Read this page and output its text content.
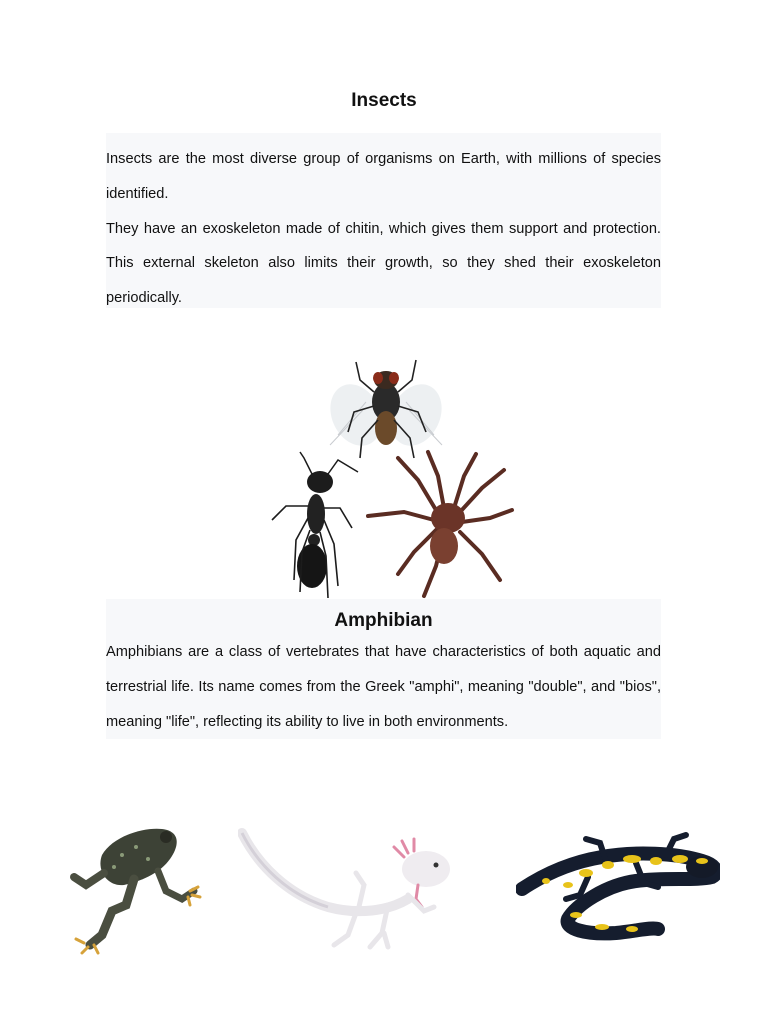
Insects

Insects are the most diverse group of organisms on Earth, with millions of species identified.

They have an exoskeleton made of chitin, which gives them support and protection. This external skeleton also limits their growth, so they shed their exoskeleton periodically.

Amphibian

Amphibians are a class of vertebrates that have characteristics of both aquatic and terrestrial life. Its name comes from the Greek "amphi", meaning "double", and "bios", meaning "life", reflecting its ability to live in both environments.
